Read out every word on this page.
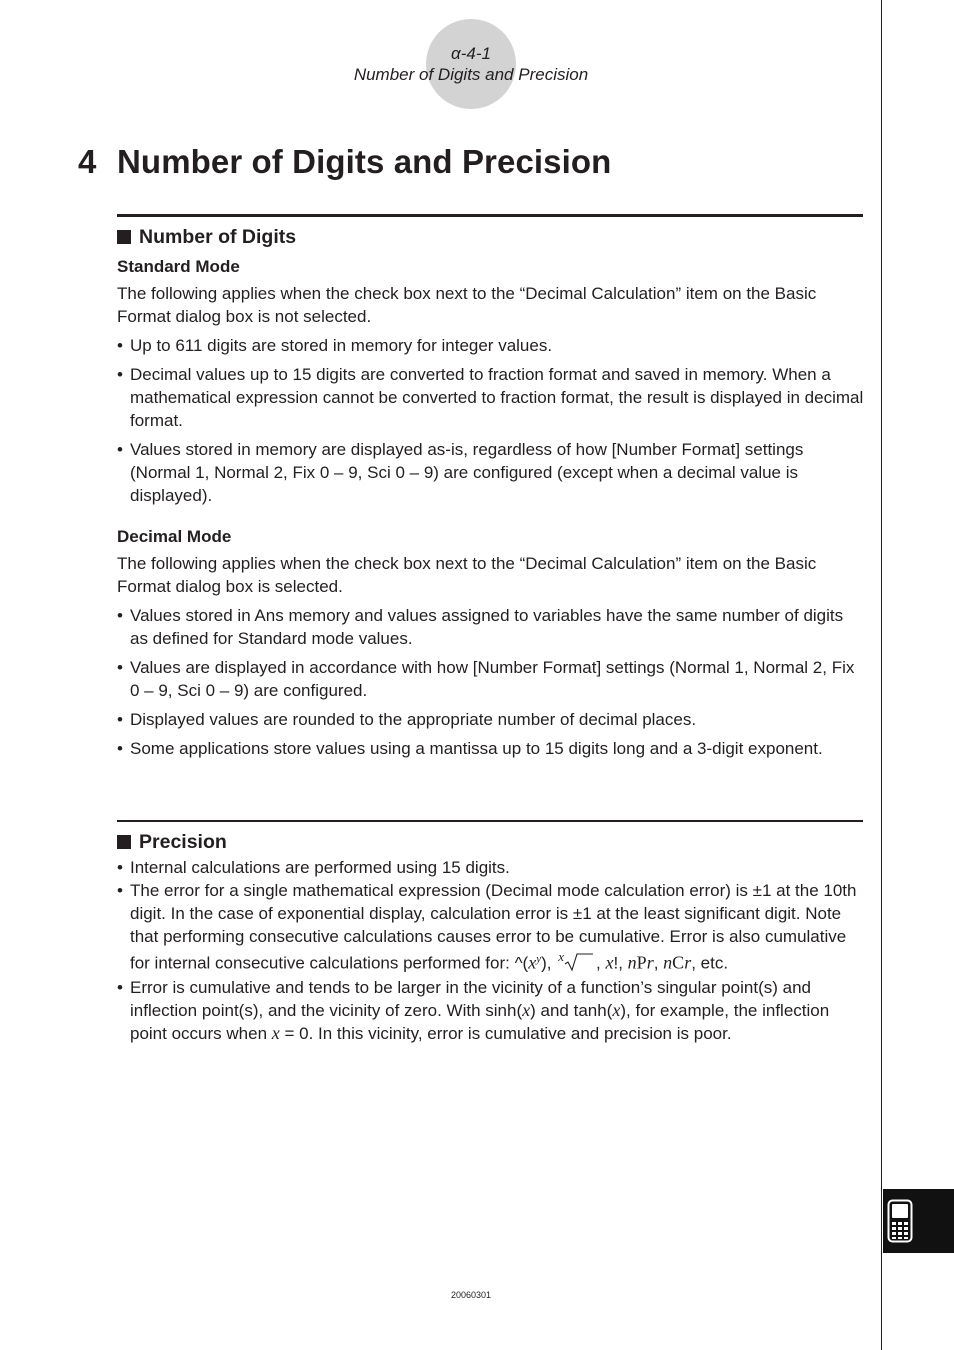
α-4-1
Number of Digits and Precision
4 Number of Digits and Precision
Number of Digits
Standard Mode

The following applies when the check box next to the “Decimal Calculation” item on the Basic Format dialog box is not selected.

• Up to 611 digits are stored in memory for integer values.
• Decimal values up to 15 digits are converted to fraction format and saved in memory. When a mathematical expression cannot be converted to fraction format, the result is displayed in decimal format.
• Values stored in memory are displayed as-is, regardless of how [Number Format] settings (Normal 1, Normal 2, Fix 0 – 9, Sci 0 – 9) are configured (except when a decimal value is displayed).
Decimal Mode

The following applies when the check box next to the “Decimal Calculation” item on the Basic Format dialog box is selected.

• Values stored in Ans memory and values assigned to variables have the same number of digits as defined for Standard mode values.
• Values are displayed in accordance with how [Number Format] settings (Normal 1, Normal 2, Fix 0 – 9, Sci 0 – 9) are configured.
• Displayed values are rounded to the appropriate number of decimal places.
• Some applications store values using a mantissa up to 15 digits long and a 3-digit exponent.
Precision
• Internal calculations are performed using 15 digits.
• The error for a single mathematical expression (Decimal mode calculation error) is ±1 at the 10th digit. In the case of exponential display, calculation error is ±1 at the least significant digit. Note that performing consecutive calculations causes error to be cumulative. Error is also cumulative for internal consecutive calculations performed for: $\^{}(x^y)$, $^x$ , x!, nPr, nCr, etc.
• Error is cumulative and tends to be larger in the vicinity of a function’s singular point(s) and inflection point(s), and the vicinity of zero. With sinh(x) and tanh(x), for example, the inflection point occurs when x = 0. In this vicinity, error is cumulative and precision is poor.
20060301
